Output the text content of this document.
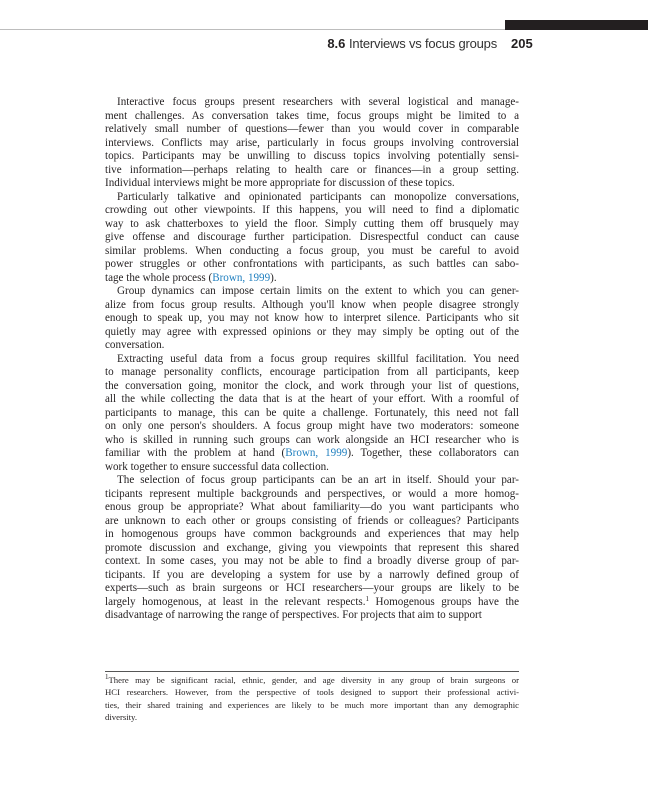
8.6 Interviews vs focus groups 205
Interactive focus groups present researchers with several logistical and manage-
ment challenges. As conversation takes time, focus groups might be limited to a
relatively small number of questions—fewer than you would cover in comparable
interviews. Conflicts may arise, particularly in focus groups involving controversial
topics. Participants may be unwilling to discuss topics involving potentially sensi-
tive information—perhaps relating to health care or finances—in a group setting.
Individual interviews might be more appropriate for discussion of these topics.
Particularly talkative and opinionated participants can monopolize conversations,
crowding out other viewpoints. If this happens, you will need to find a diplomatic
way to ask chatterboxes to yield the floor. Simply cutting them off brusquely may
give offense and discourage further participation. Disrespectful conduct can cause
similar problems. When conducting a focus group, you must be careful to avoid
power struggles or other confrontations with participants, as such battles can sabo-
tage the whole process (Brown, 1999).
Group dynamics can impose certain limits on the extent to which you can gener-
alize from focus group results. Although you'll know when people disagree strongly
enough to speak up, you may not know how to interpret silence. Participants who sit
quietly may agree with expressed opinions or they may simply be opting out of the
conversation.
Extracting useful data from a focus group requires skillful facilitation. You need
to manage personality conflicts, encourage participation from all participants, keep
the conversation going, monitor the clock, and work through your list of questions,
all the while collecting the data that is at the heart of your effort. With a roomful of
participants to manage, this can be quite a challenge. Fortunately, this need not fall
on only one person's shoulders. A focus group might have two moderators: someone
who is skilled in running such groups can work alongside an HCI researcher who is
familiar with the problem at hand (Brown, 1999). Together, these collaborators can
work together to ensure successful data collection.
The selection of focus group participants can be an art in itself. Should your par-
ticipants represent multiple backgrounds and perspectives, or would a more homog-
enous group be appropriate? What about familiarity—do you want participants who
are unknown to each other or groups consisting of friends or colleagues? Participants
in homogenous groups have common backgrounds and experiences that may help
promote discussion and exchange, giving you viewpoints that represent this shared
context. In some cases, you may not be able to find a broadly diverse group of par-
ticipants. If you are developing a system for use by a narrowly defined group of
experts—such as brain surgeons or HCI researchers—your groups are likely to be
largely homogenous, at least in the relevant respects.$^1$ Homogenous groups have the
disadvantage of narrowing the range of perspectives. For projects that aim to support
$^1$There may be significant racial, ethnic, gender, and age diversity in any group of brain surgeons or
HCI researchers. However, from the perspective of tools designed to support their professional activi-
ties, their shared training and experiences are likely to be much more important than any demographic
diversity.
